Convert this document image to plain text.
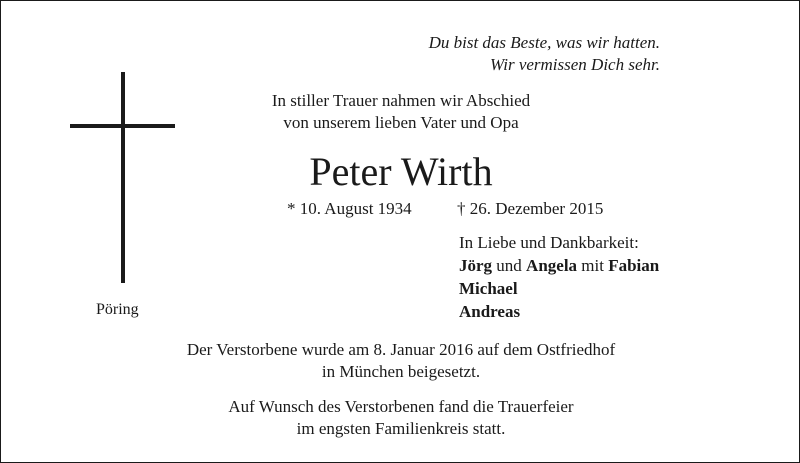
Du bist das Beste, was wir hatten.
Wir vermissen Dich sehr.
In stiller Trauer nahmen wir Abschied
von unserem lieben Vater und Opa
Peter Wirth
* 10. August 1934	† 26. Dezember 2015
Pöring
In Liebe und Dankbarkeit:
Jörg und Angela mit Fabian
Michael
Andreas
Der Verstorbene wurde am 8. Januar 2016 auf dem Ostfriedhof
in München beigesetzt.
Auf Wunsch des Verstorbenen fand die Trauerfeier
im engsten Familienkreis statt.
